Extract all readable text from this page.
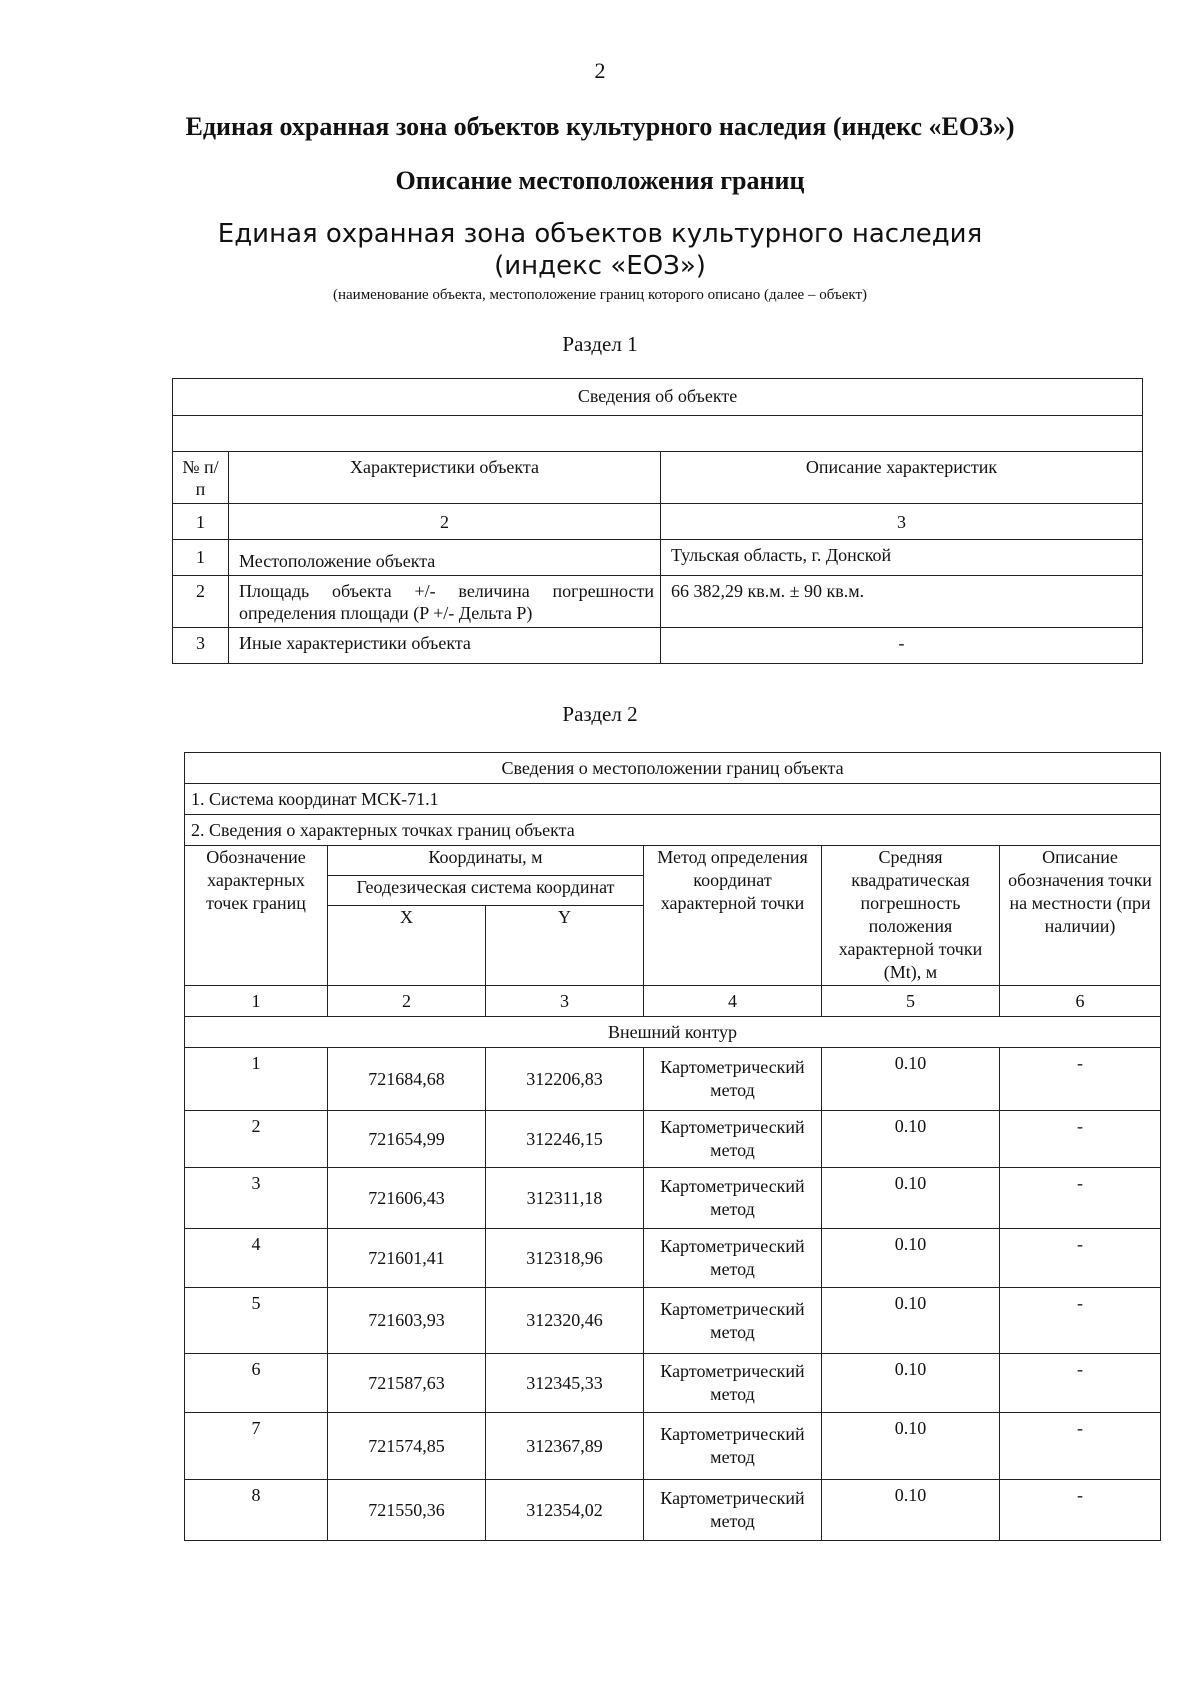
2
Единая охранная зона объектов культурного наследия (индекс «ЕОЗ»)
Описание местоположения границ
Единая охранная зона объектов культурного наследия
(индекс «ЕОЗ»)
(наименование объекта, местоположение границ которого описано (далее – объект)
Раздел 1
Сведения об объекте		

№ п/п	Характеристики объекта	Описание характеристик
1	2	3
1	Местоположение объекта	Тульская область, г. Донской
2	Площадь объекта +/- величина погрешности определения площади (P +/- Дельта P)	66 382,29 кв.м. ± 90 кв.м.
3	Иные характеристики объекта	-
Раздел 2
Сведения о местоположении границ объекта					
1. Система координат МСК-71.1					
2. Сведения о характерных точках границ объекта					
Обозначение характерных точек границ	Координаты, м		Метод определения координат характерной точки	Средняя квадратическая погрешность положения характерной точки (Mt), м	Описание обозначения точки на местности (при наличии)
	Геодезическая система координат				
	X	Y			
1	2	3	4	5	6
Внешний контур					
1	721684,68	312206,83	Картометрический метод	0.10	-
2	721654,99	312246,15	Картометрический метод	0.10	-
3	721606,43	312311,18	Картометрический метод	0.10	-
4	721601,41	312318,96	Картометрический метод	0.10	-
5	721603,93	312320,46	Картометрический метод	0.10	-
6	721587,63	312345,33	Картометрический метод	0.10	-
7	721574,85	312367,89	Картометрический метод	0.10	-
8	721550,36	312354,02	Картометрический метод	0.10	-
